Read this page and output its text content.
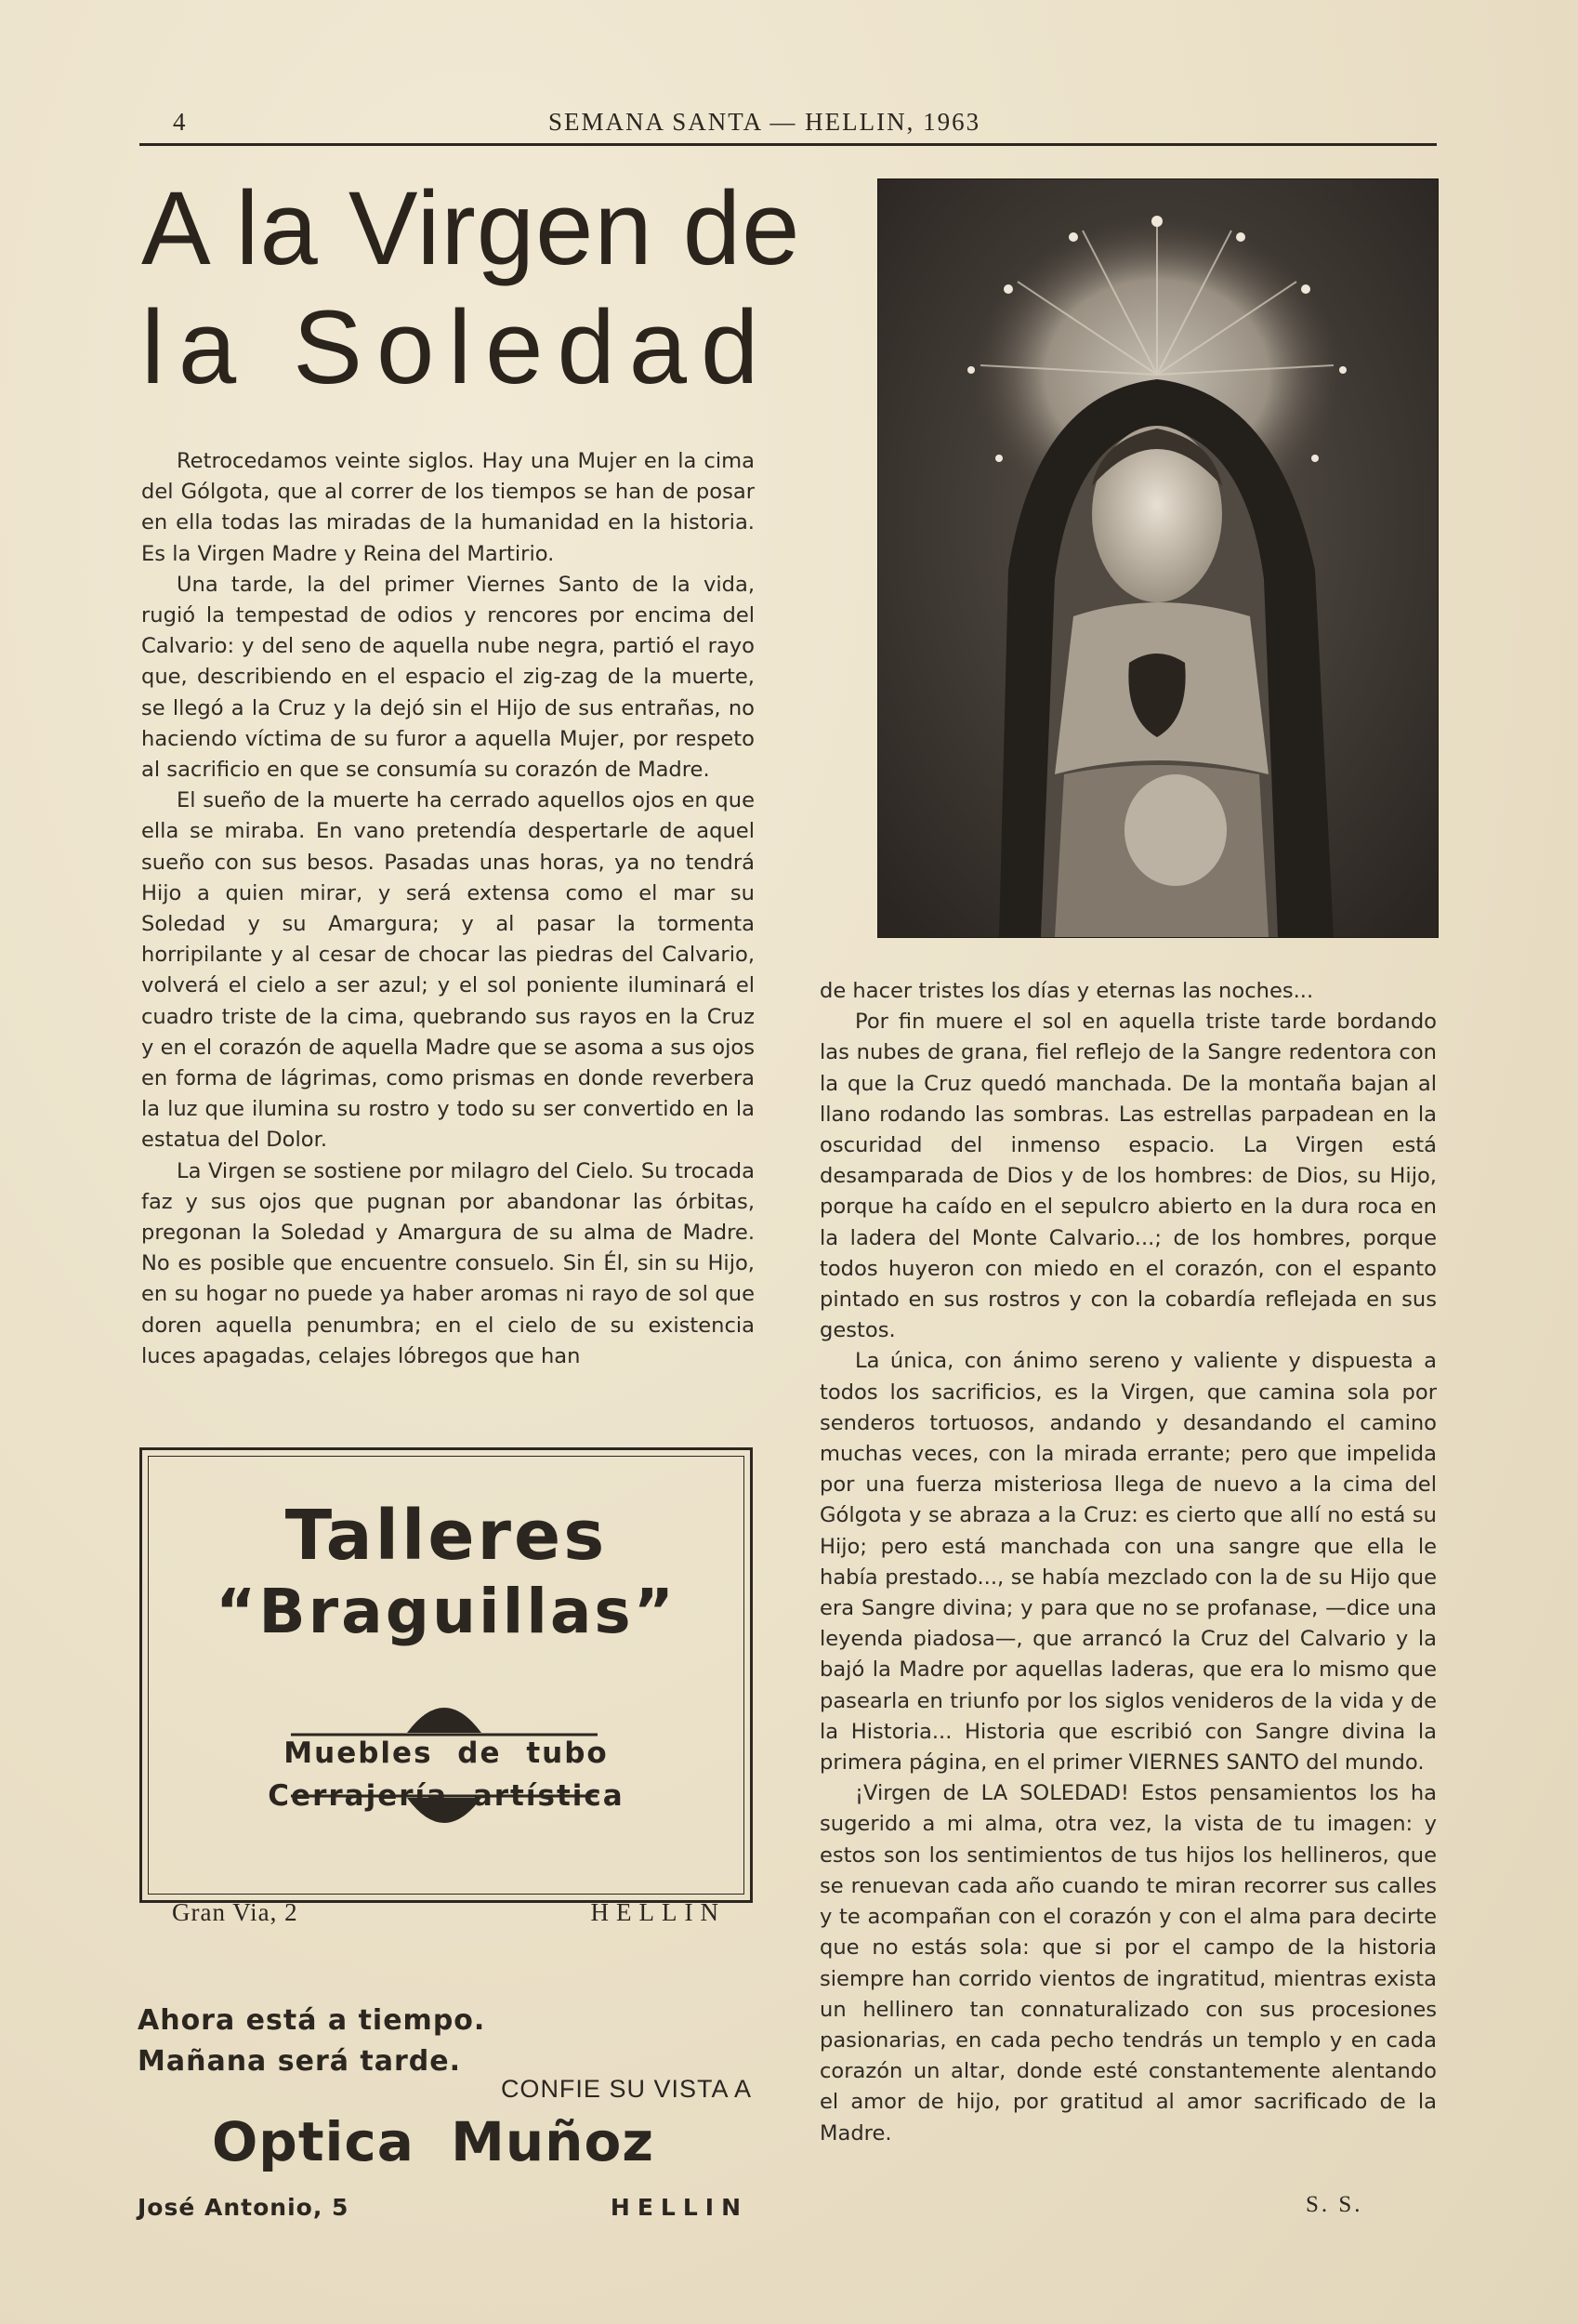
4	SEMANA SANTA — HELLIN, 1963
A la Virgen de
la Soledad

Retrocedamos veinte siglos. Hay una Mujer en la cima del Gólgota, que al correr de los tiempos se han de posar en ella todas las miradas de la humanidad en la historia. Es la Virgen Madre y Reina del Martirio.

Una tarde, la del primer Viernes Santo de la vida, rugió la tempestad de odios y rencores por encima del Calvario: y del seno de aquella nube negra, partió el rayo que, describiendo en el espacio el zig-zag de la muerte, se llegó a la Cruz y la dejó sin el Hijo de sus entrañas, no haciendo víctima de su furor a aquella Mujer, por respeto al sacrificio en que se consumía su corazón de Madre.

El sueño de la muerte ha cerrado aquellos ojos en que ella se miraba. En vano pretendía despertarle de aquel sueño con sus besos. Pasadas unas horas, ya no tendrá Hijo a quien mirar, y será extensa como el mar su Soledad y su Amargura; y al pasar la tormenta horripilante y al cesar de chocar las piedras del Calvario, volverá el cielo a ser azul; y el sol poniente iluminará el cuadro triste de la cima, quebrando sus rayos en la Cruz y en el corazón de aquella Madre que se asoma a sus ojos en forma de lágrimas, como prismas en donde reverbera la luz que ilumina su rostro y todo su ser convertido en la estatua del Dolor.

La Virgen se sostiene por milagro del Cielo. Su trocada faz y sus ojos que pugnan por abandonar las órbitas, pregonan la Soledad y Amargura de su alma de Madre. No es posible que encuentre consuelo. Sin Él, sin su Hijo, en su hogar no puede ya haber aromas ni rayo de sol que doren aquella penumbra; en el cielo de su existencia luces apagadas, celajes lóbregos que han

de hacer tristes los días y eternas las noches...

Por fin muere el sol en aquella triste tarde bordando las nubes de grana, fiel reflejo de la Sangre redentora con la que la Cruz quedó manchada. De la montaña bajan al llano rodando las sombras. Las estrellas parpadean en la oscuridad del inmenso espacio. La Virgen está desamparada de Dios y de los hombres: de Dios, su Hijo, porque ha caído en el sepulcro abierto en la dura roca en la ladera del Monte Calvario...; de los hombres, porque todos huyeron con miedo en el corazón, con el espanto pintado en sus rostros y con la cobardía reflejada en sus gestos.

La única, con ánimo sereno y valiente y dispuesta a todos los sacrificios, es la Virgen, que camina sola por senderos tortuosos, andando y desandando el camino muchas veces, con la mirada errante; pero que impelida por una fuerza misteriosa llega de nuevo a la cima del Gólgota y se abraza a la Cruz: es cierto que allí no está su Hijo; pero está manchada con una sangre que ella le había prestado..., se había mezclado con la de su Hijo que era Sangre divina; y para que no se profanase, —dice una leyenda piadosa—, que arrancó la Cruz del Calvario y la bajó la Madre por aquellas laderas, que era lo mismo que pasearla en triunfo por los siglos venideros de la vida y de la Historia... Historia que escribió con Sangre divina la primera página, en el primer VIERNES SANTO del mundo.

¡Virgen de LA SOLEDAD! Estos pensamientos los ha sugerido a mi alma, otra vez, la vista de tu imagen: y estos son los sentimientos de tus hijos los hellineros, que se renuevan cada año cuando te miran recorrer sus calles y te acompañan con el corazón y con el alma para decirte que no estás sola: que si por el campo de la historia siempre han corrido vientos de ingratitud, mientras exista un hellinero tan connaturalizado con sus procesiones pasionarias, en cada pecho tendrás un templo y en cada corazón un altar, donde esté constantemente alentando el amor de hijo, por gratitud al amor sacrificado de la Madre.

S. S.
Talleres
“Braguillas”
Muebles de tubo
Cerrajería artística
Gran Via, 2	HELLIN
Ahora está a tiempo.
Mañana será tarde.
CONFIE SU VISTA A
Optica Muñoz
José Antonio, 5	HELLIN
